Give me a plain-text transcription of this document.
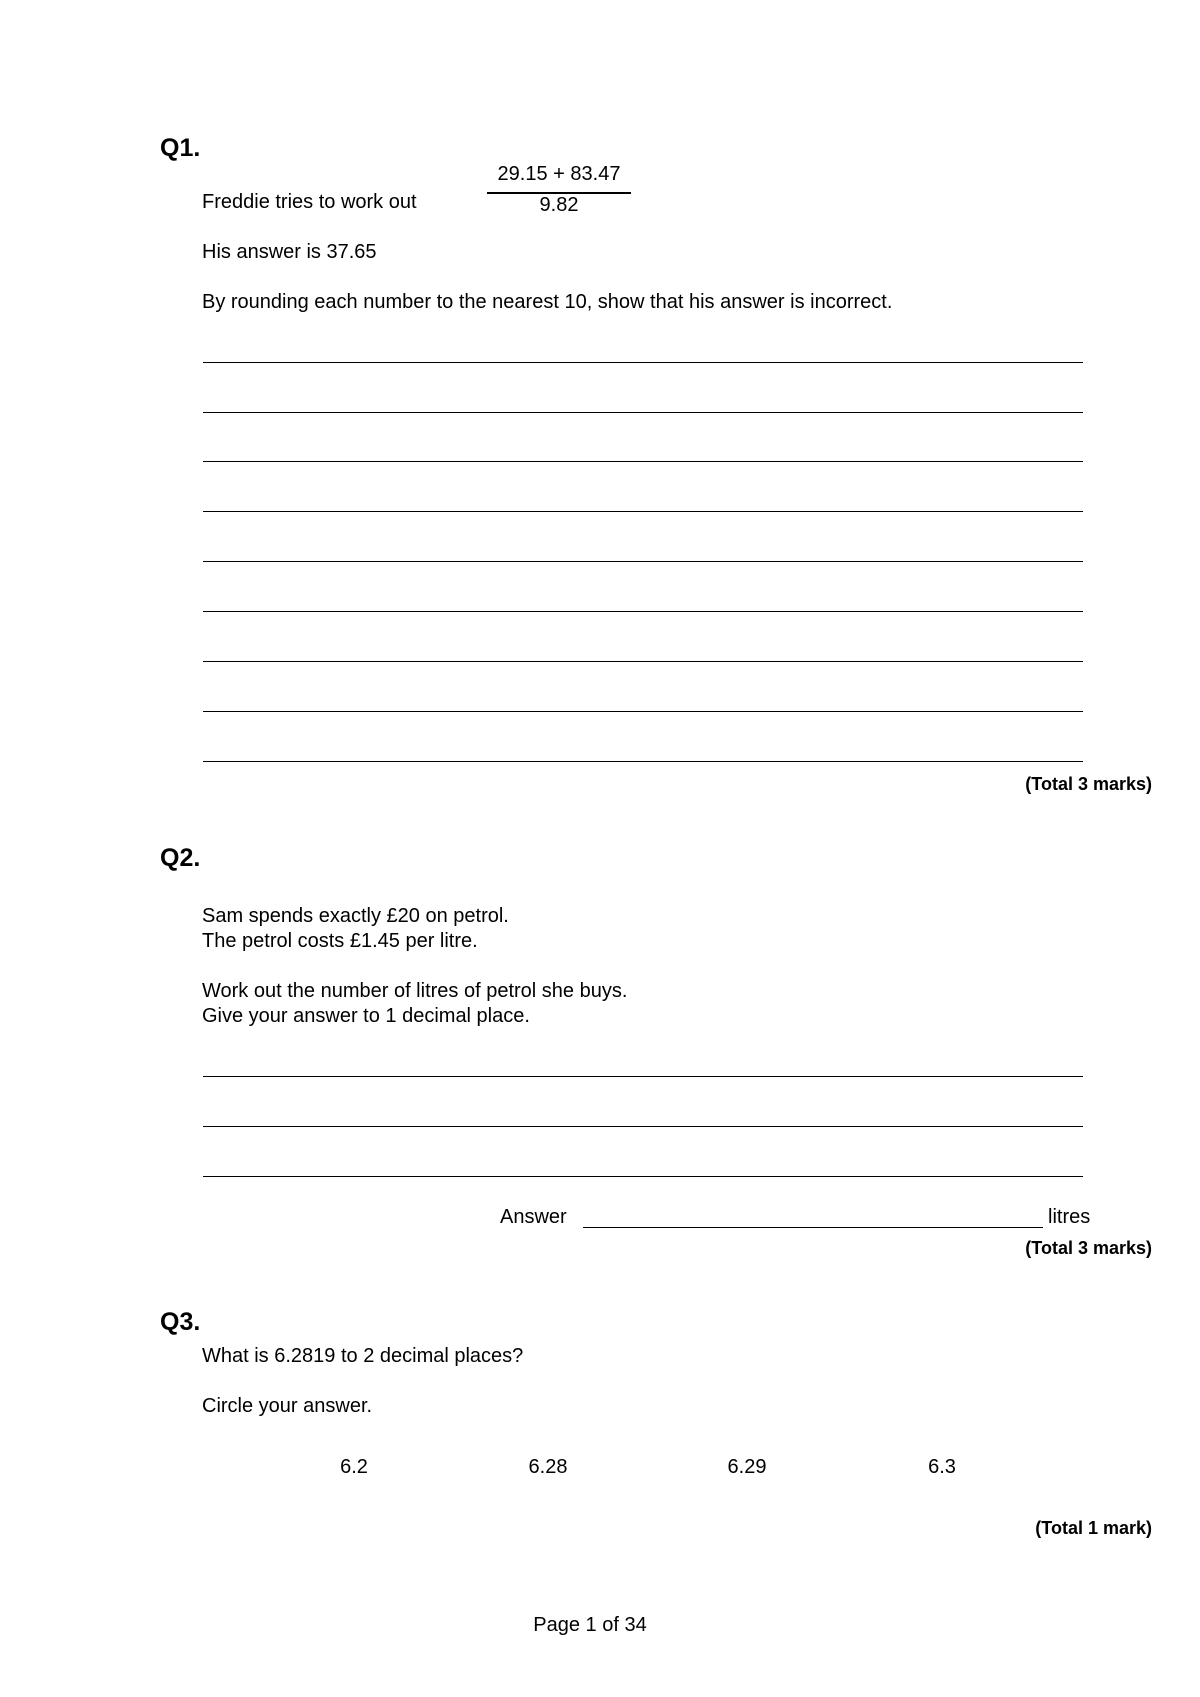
Q1.
Freddie tries to work out
29.15 + 83.47
9.82
His answer is 37.65
By rounding each number to the nearest 10, show that his answer is incorrect.
(Total 3 marks)
Q2.
Sam spends exactly £20 on petrol.
The petrol costs £1.45 per litre.
Work out the number of litres of petrol she buys.
Give your answer to 1 decimal place.
Answer	litres
(Total 3 marks)
Q3.
What is 6.2819 to 2 decimal places?
Circle your answer.
6.2	6.28	6.29	6.3
(Total 1 mark)
Page 1 of 34
